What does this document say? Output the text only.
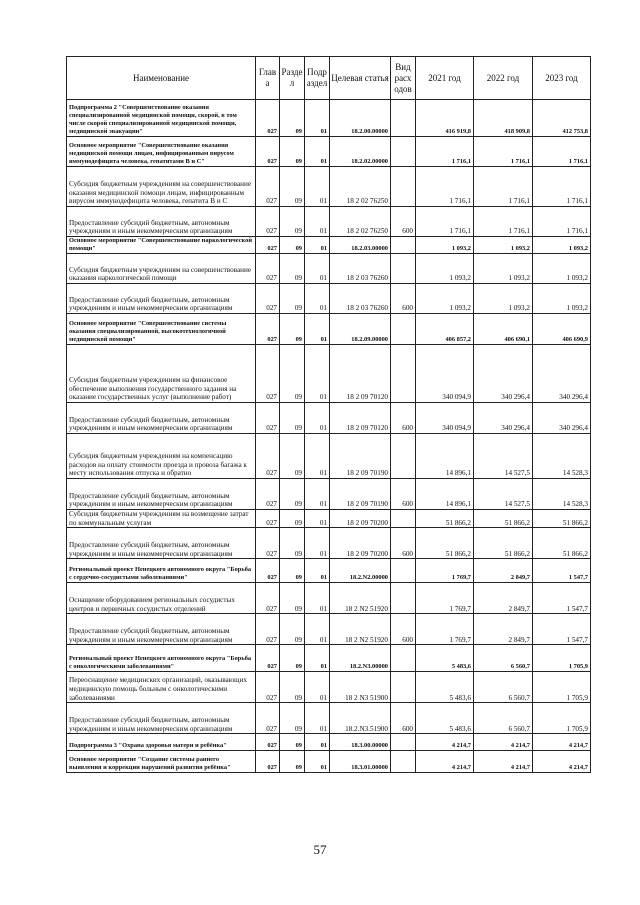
Наименование	Глав а	Разде л	Подр аздел	Целевая статья	Вид расх одов	2021 год	2022 год	2023 год
Подпрограмма 2 "Совершенствование оказания специализированной медицинской помощи, скорой, в том числе скорой специализированной медицинской помощи, медицинской эвакуации"	027	09	01	18.2.00.00000		416 919,8	418 909,8	412 753,8
Основное мероприятие "Совершенствование оказания медицинской помощи лицам, инфицированным вирусом иммунодефицита человека, гепатитами В и С"	027	09	01	18.2.02.00000		1 716,1	1 716,1	1 716,1
Субсидия бюджетным учреждениям на совершенствование оказания медицинской помощи лицам, инфицированным вирусом иммунодефицита человека, гепатита В и С	027	09	01	18 2 02 76250		1 716,1	1 716,1	1 716,1
Предоставление субсидий бюджетным, автономным учреждениям и иным некоммерческим организациям	027	09	01	18 2 02 76250	600	1 716,1	1 716,1	1 716,1
Основное мероприятие "Совершенствование наркологической помощи"	027	09	01	18.2.03.00000		1 093,2	1 093,2	1 093,2
Субсидия бюджетным учреждениям на совершенствование оказания наркологической помощи	027	09	01	18 2 03 76260		1 093,2	1 093,2	1 093,2
Предоставление субсидий бюджетным, автономным учреждениям и иным некоммерческим организациям	027	09	01	18 2 03 76260	600	1 093,2	1 093,2	1 093,2
Основное мероприятие "Совершенствование системы оказания специализированной, высокотехнологичной медицинской помощи"	027	09	01	18.2.09.00000		406 857,2	406 690,1	406 690,9
Субсидия бюджетным учреждениям на финансовое обеспечение выполнения государственного задания на оказание государственных услуг (выполнение работ)	027	09	01	18 2 09 70120		340 094,9	340 296,4	340 296,4
Предоставление субсидий бюджетным, автономным учреждениям и иным некоммерческим организациям	027	09	01	18 2 09 70120	600	340 094,9	340 296,4	340 296,4
Субсидия бюджетным учреждениям на компенсацию расходов на оплату стоимости проезда и провоза багажа к месту использования отпуска и обратно	027	09	01	18 2 09 70190		14 896,1	14 527,5	14 528,3
Предоставление субсидий бюджетным, автономным учреждениям и иным некоммерческим организациям	027	09	01	18 2 09 70190	600	14 896,1	14 527,5	14 528,3
Субсидия бюджетным учреждениям на возмещение затрат по коммунальным услугам	027	09	01	18 2 09 70200		51 866,2	51 866,2	51 866,2
Предоставление субсидий бюджетным, автономным учреждениям и иным некоммерческим организациям	027	09	01	18 2 09 70200	600	51 866,2	51 866,2	51 866,2
Региональный проект Ненецкого автономного округа "Борьба с сердечно-сосудистыми заболеваниями"	027	09	01	18.2.N2.00000		1 769,7	2 849,7	1 547,7
Оснащение оборудованием региональных сосудистых центров и первичных сосудистых отделений	027	09	01	18 2 N2 51920		1 769,7	2 849,7	1 547,7
Предоставление субсидий бюджетным, автономным учреждениям и иным некоммерческим организациям	027	09	01	18 2 N2 51920	600	1 769,7	2 849,7	1 547,7
Региональный проект Ненецкого автономного округа "Борьба с онкологическими заболеваниями"	027	09	01	18.2.N3.00000		5 483,6	6 560,7	1 705,9
Переоснащение медицинских организаций, оказывающих медицинскую помощь больным с онкологическими заболеваниями	027	09	01	18 2 N3 51900		5 483,6	6 560,7	1 705,9
Предоставление субсидий бюджетным, автономным учреждениям и иным некоммерческим организациям	027	09	01	18.2.N3.51900	600	5 483,6	6 560,7	1 705,9
Подпрограмма 3 "Охрана здоровья матери и ребёнка"	027	09	01	18.3.00.00000		4 214,7	4 214,7	4 214,7
Основное мероприятие "Создание системы раннего выявления и коррекции нарушений развития ребёнка"	027	09	01	18.3.01.00000		4 214,7	4 214,7	4 214,7
57
